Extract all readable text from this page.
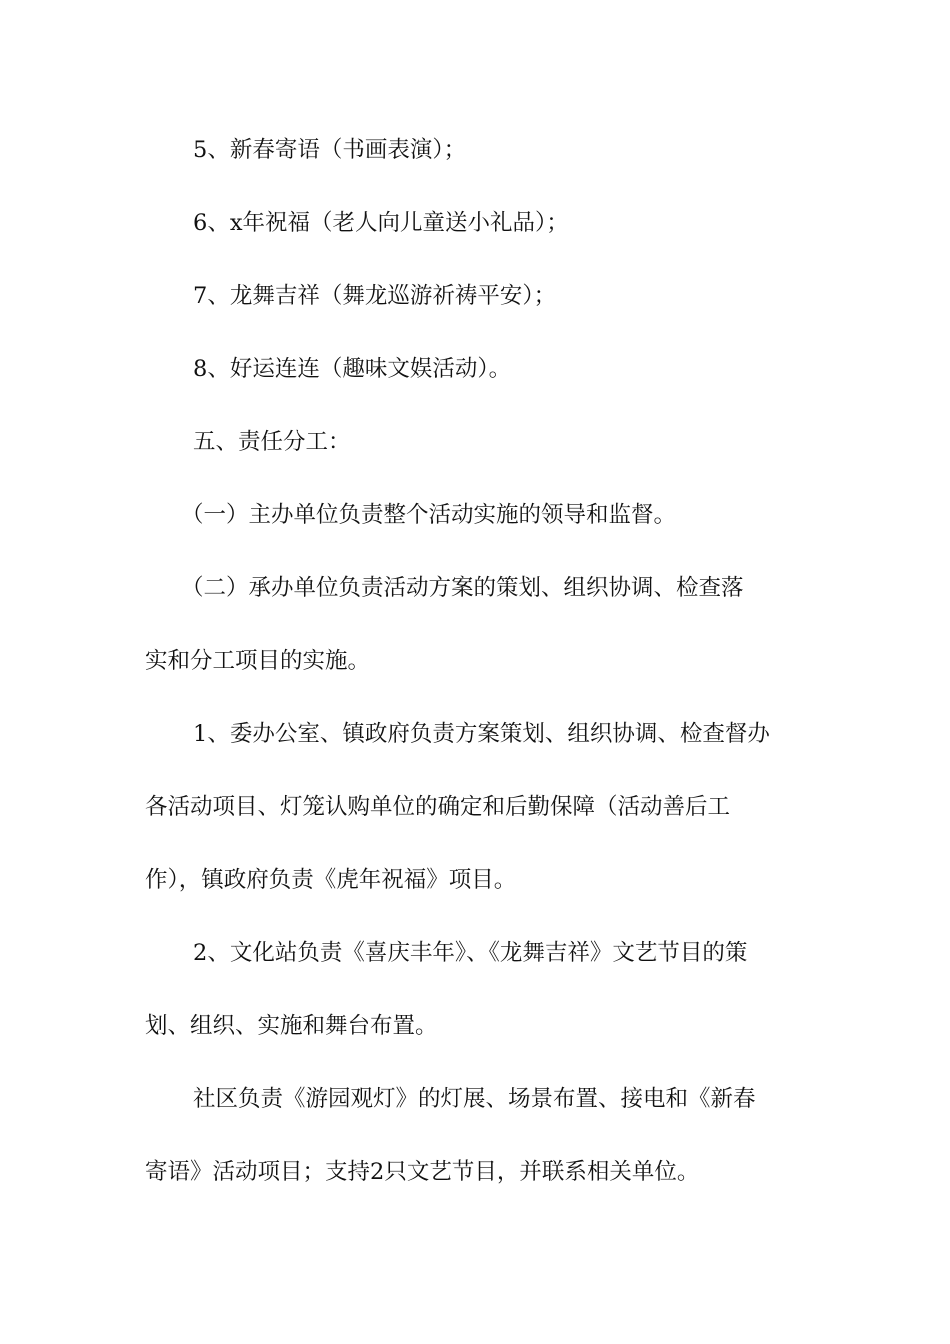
5、新春寄语（书画表演）；
6、x年祝福（老人向儿童送小礼品）；
7、龙舞吉祥（舞龙巡游祈祷平安）；
8、好运连连（趣味文娱活动）。
五、责任分工：
（一）主办单位负责整个活动实施的领导和监督。
（二）承办单位负责活动方案的策划、组织协调、检查落
实和分工项目的实施。
1、委办公室、镇政府负责方案策划、组织协调、检查督办
各活动项目、灯笼认购单位的确定和后勤保障（活动善后工
作），镇政府负责《虎年祝福》项目。
2、文化站负责《喜庆丰年》、《龙舞吉祥》文艺节目的策
划、组织、实施和舞台布置。
社区负责《游园观灯》的灯展、场景布置、接电和《新春
寄语》活动项目；支持2只文艺节目，并联系相关单位。
